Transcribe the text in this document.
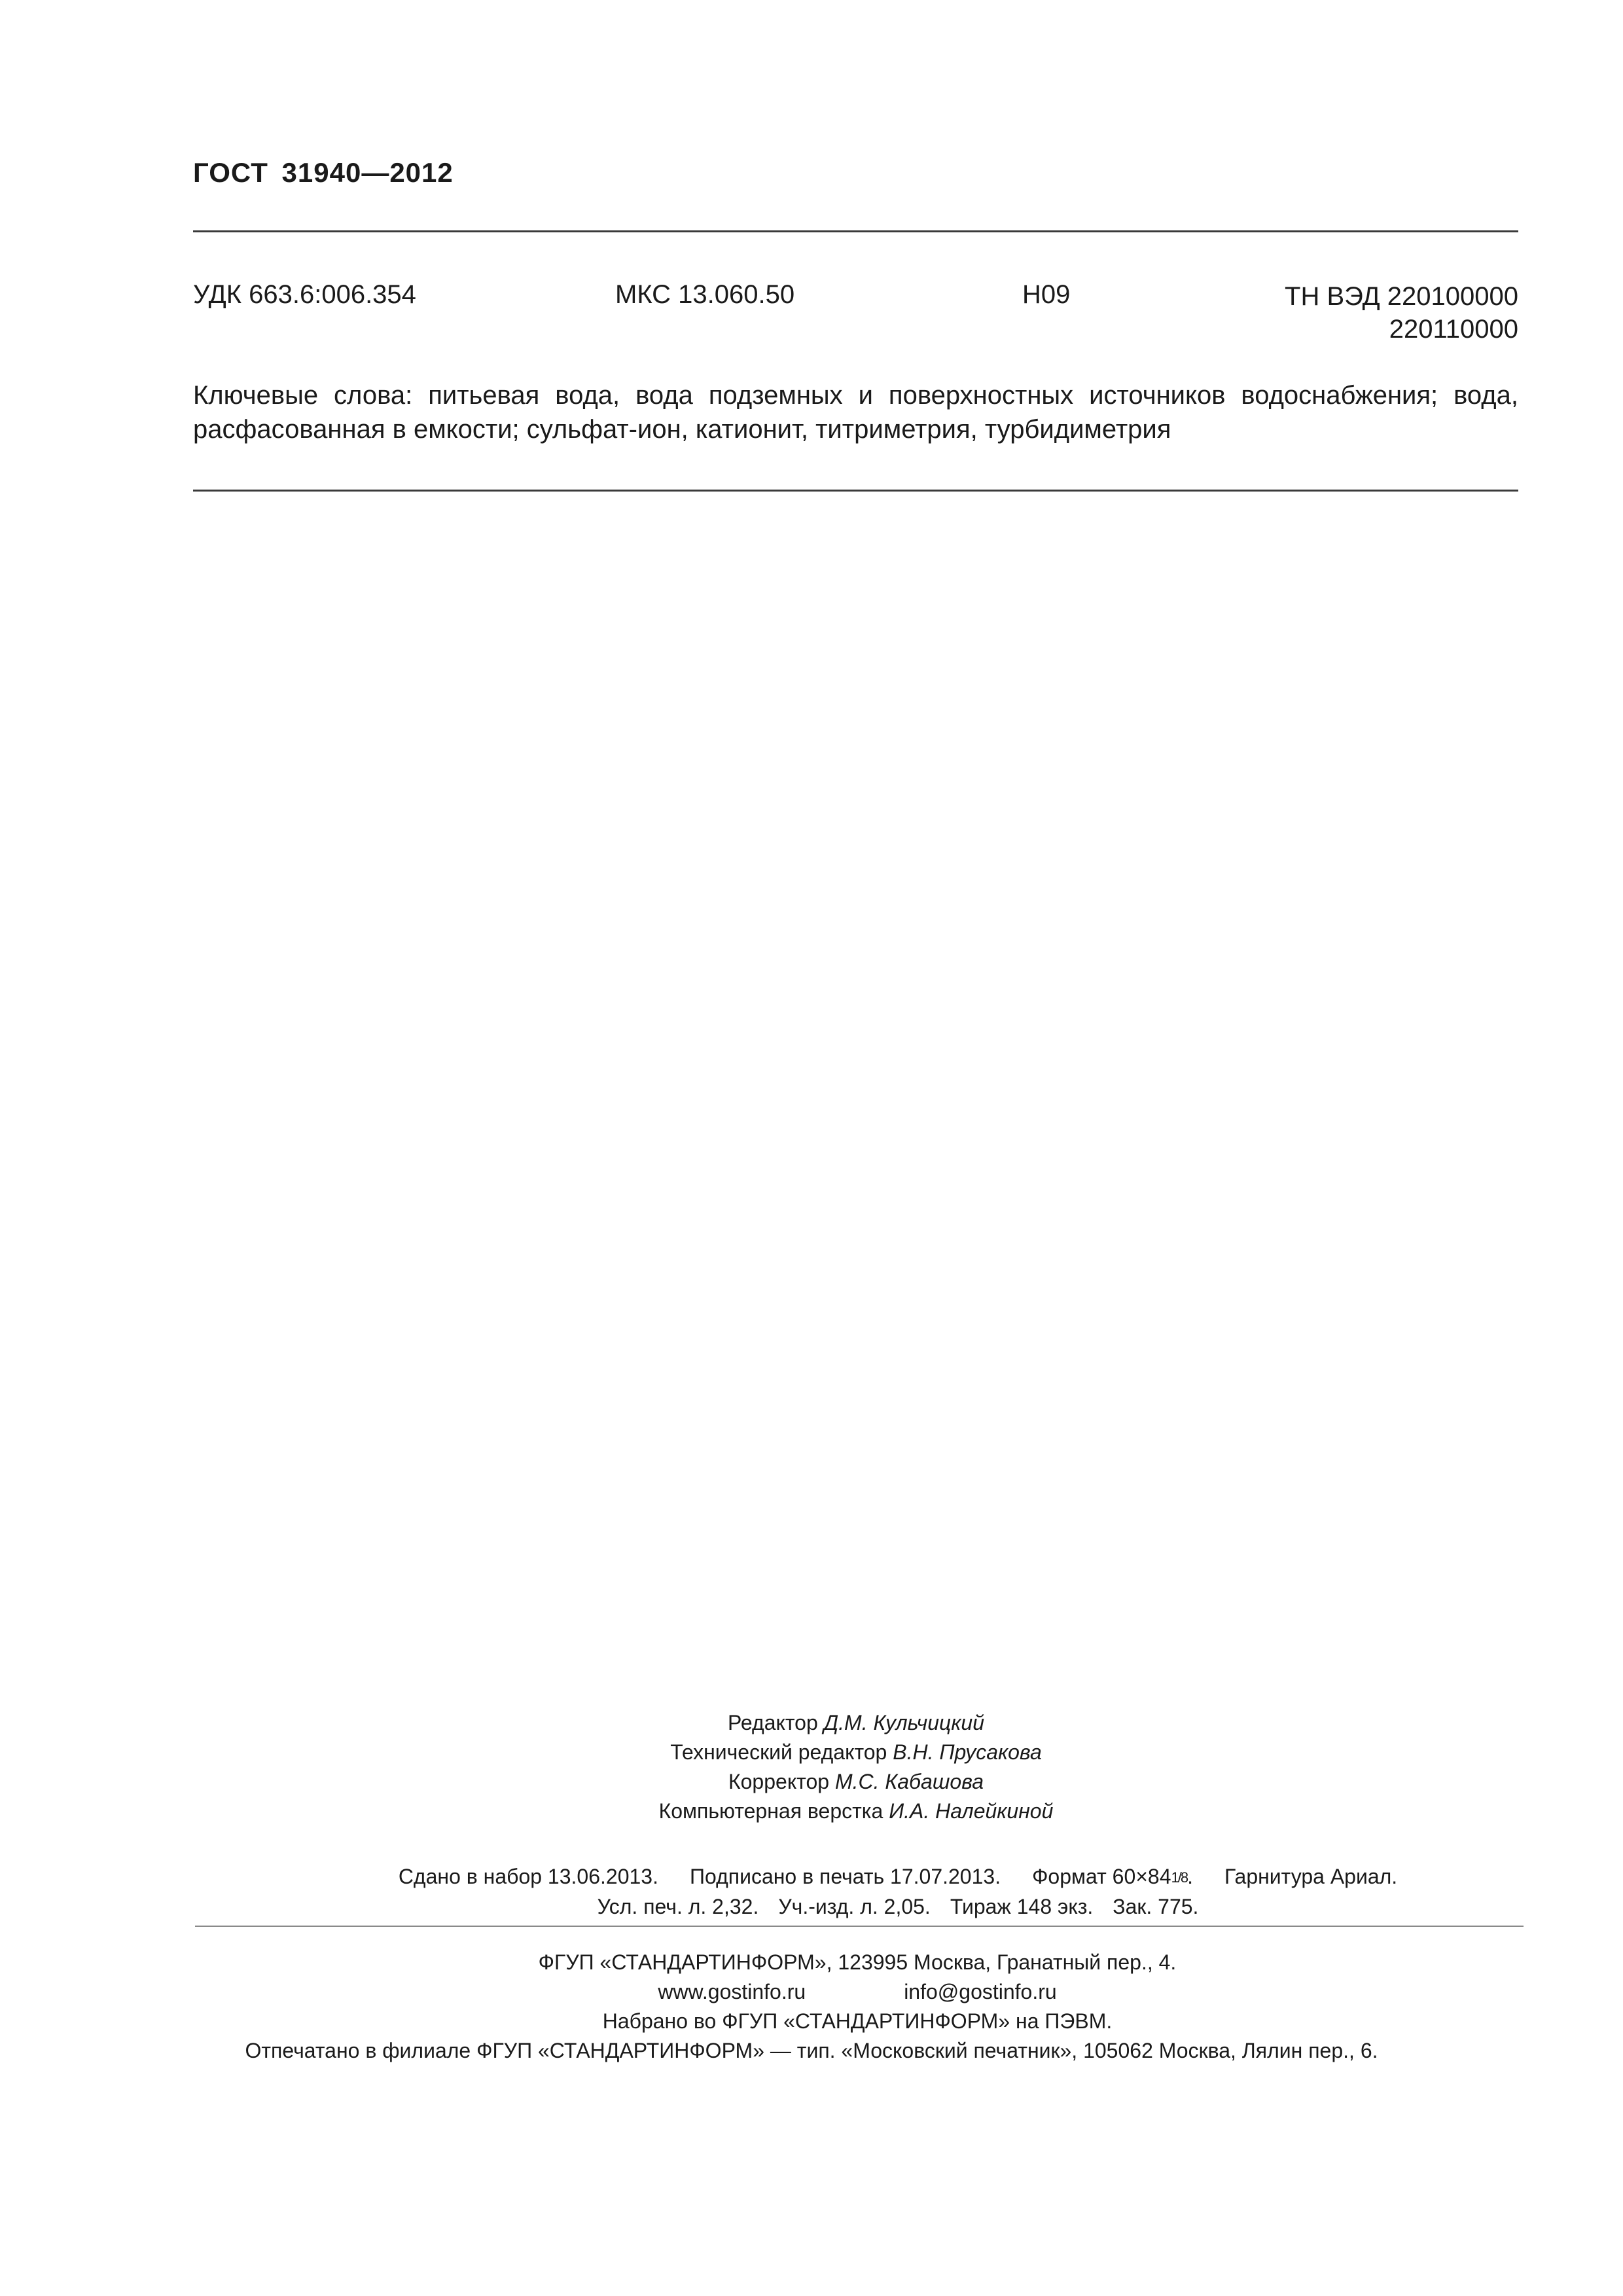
ГОСТ 31940—2012
УДК 663.6:006.354	МКС 13.060.50	Н09	ТН ВЭД 220100000
220110000
Ключевые слова: питьевая вода, вода подземных и поверхностных источников водоснабжения; вода, расфасованная в емкости; сульфат-ион, катионит, титриметрия, турбидиметрия
Редактор Д.М. Кульчицкий
Технический редактор В.Н. Прусакова
Корректор М.С. Кабашова
Компьютерная верстка И.А. Налейкиной
Сдано в набор 13.06.2013. Подписано в печать 17.07.2013. Формат 60×841/8. Гарнитура Ариал.
Усл. печ. л. 2,32. Уч.-изд. л. 2,05. Тираж 148 экз. Зак. 775.
ФГУП «СТАНДАРТИНФОРМ», 123995 Москва, Гранатный пер., 4.
www.gostinfo.ru	info@gostinfo.ru
Набрано во ФГУП «СТАНДАРТИНФОРМ» на ПЭВМ.
Отпечатано в филиале ФГУП «СТАНДАРТИНФОРМ» — тип. «Московский печатник», 105062 Москва, Лялин пер., 6.
